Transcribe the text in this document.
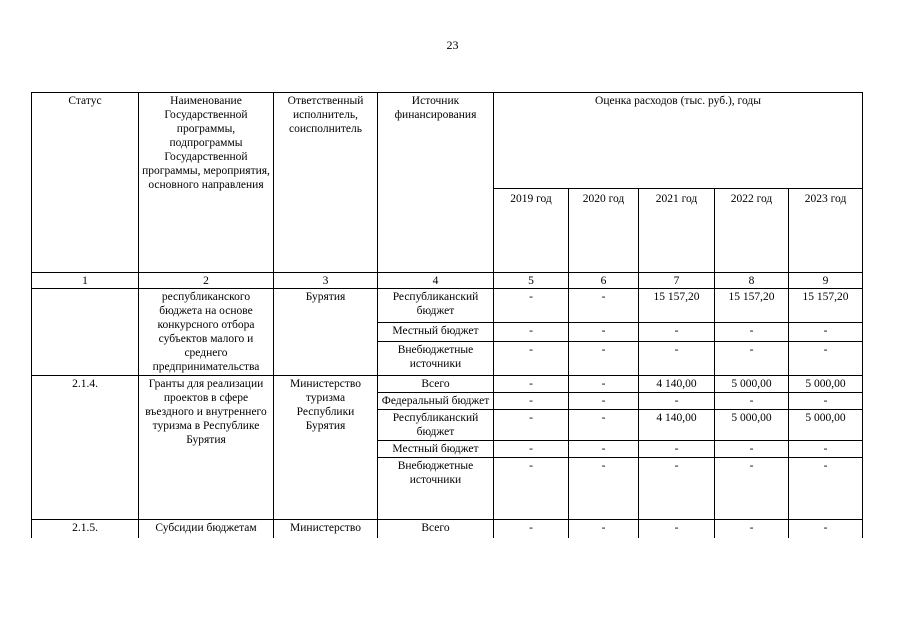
23
Статус	Наименование Государственной программы, подпрограммы Государственной программы, мероприятия, основного направления	Ответственный исполнитель, соисполнитель	Источник финансирования	Оценка расходов (тыс. руб.), годы				
				2019 год	2020 год	2021 год	2022 год	2023 год
1	2	3	4	5	6	7	8	9
	республиканского бюджета на основе конкурсного отбора субъектов малого и среднего предпринимательства	Бурятия	Республиканский бюджет	-	-	15 157,20	15 157,20	15 157,20
			Местный бюджет	-	-	-	-	-
			Внебюджетные источники	-	-	-	-	-
2.1.4.	Гранты для реализации проектов в сфере въездного и внутреннего туризма в Республике Бурятия	Министерство туризма Республики Бурятия	Всего	-	-	4 140,00	5 000,00	5 000,00
			Федеральный бюджет	-	-	-	-	-
			Республиканский бюджет	-	-	4 140,00	5 000,00	5 000,00
			Местный бюджет	-	-	-	-	-
			Внебюджетные источники	-	-	-	-	-
2.1.5.	Субсидии бюджетам	Министерство	Всего	-	-	-	-	-
